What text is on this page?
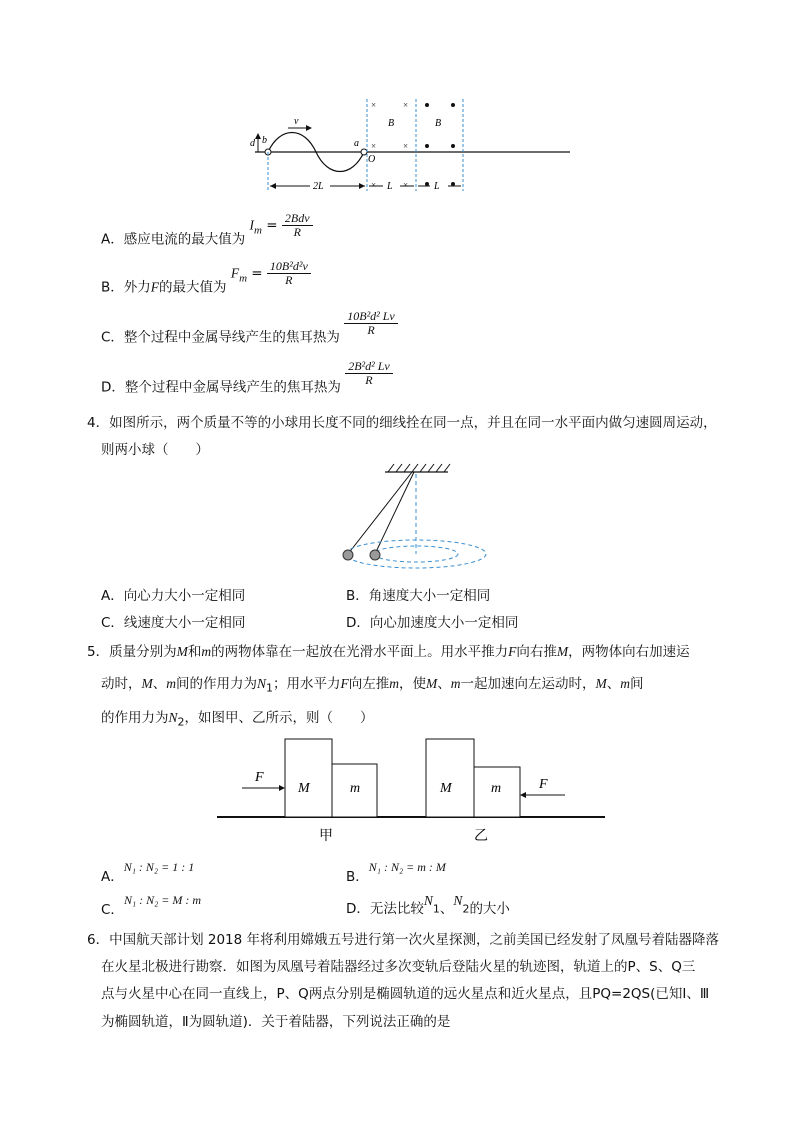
×	×
×	×
×	×
d b
v
a
O
B	B
2L	L	L
A．感应电流的最大值为 $I_m = \frac{\text{2Bdv}}{R}$
B．外力F的最大值为 $F_m = \frac{\text{10B²d²v}}{R}$
C．整个过程中金属导线产生的焦耳热为
$\frac{\text{10B²d² Lv}}{R}$
D．整个过程中金属导线产生的焦耳热为
$\frac{\text{2B²d² Lv}}{R}$
4．如图所示，两个质量不等的小球用长度不同的细线拴在同一点，并且在同一水平面内做匀速圆周运动，
则两小球（　　）
A．向心力大小一定相同	B．角速度大小一定相同
C．线速度大小一定相同	D．向心加速度大小一定相同
5．质量分别为M和m的两物体靠在一起放在光滑水平面上。用水平推力F向右推M，两物体向右加速运
动时，M、m间的作用力为$N_1$；用水平力F向左推m，使M、m一起加速向左运动时，M、m间
的作用力为$N_2$，如图甲、乙所示，则（　　）
M	m
F
M	m	F
甲	乙
A．N₁ : N₂ = 1 : 1
B．N₁ : N₂ = m : M
C．N₁ : N₂ = M : m
D．无法比较$N_1$、$N_2$的大小
6．中国航天部计划 2018 年将利用嫦娥五号进行第一次火星探测，之前美国已经发射了凤凰号着陆器降落
在火星北极进行勘察．如图为凤凰号着陆器经过多次变轨后登陆火星的轨迹图，轨道上的P、S、Q三
点与火星中心在同一直线上，P、Q两点分别是椭圆轨道的远火星点和近火星点，且PQ=2QS(已知Ⅰ、Ⅲ
为椭圆轨道，Ⅱ为圆轨道)．关于着陆器，下列说法正确的是
